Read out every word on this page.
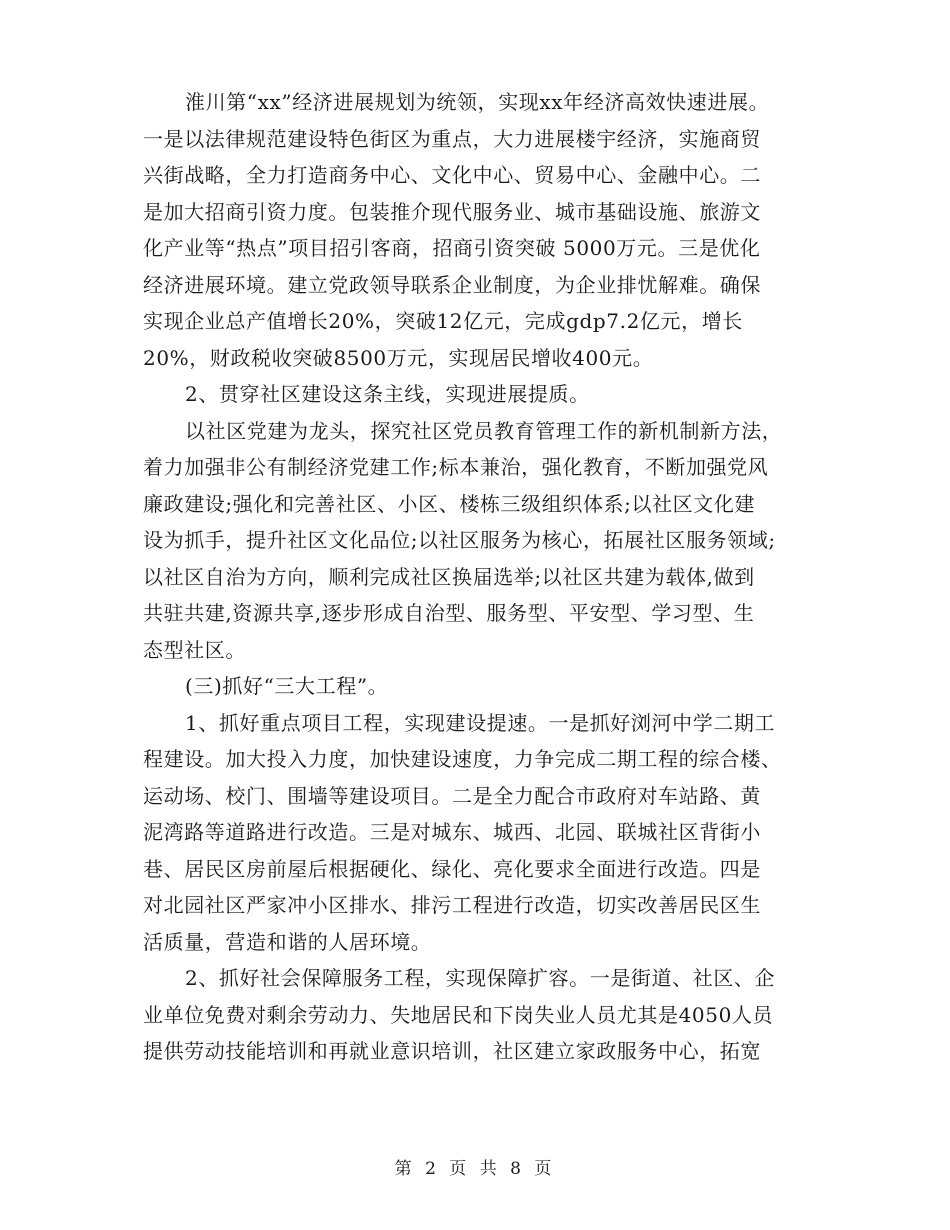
淮川第“xx”经济进展规划为统领，实现xx年经济高效快速进展。
一是以法律规范建设特色街区为重点，大力进展楼宇经济，实施商贸
兴街战略，全力打造商务中心、文化中心、贸易中心、金融中心。二
是加大招商引资力度。包装推介现代服务业、城市基础设施、旅游文
化产业等“热点”项目招引客商，招商引资突破 5000万元。三是优化
经济进展环境。建立党政领导联系企业制度，为企业排忧解难。确保
实现企业总产值增长20%，突破12亿元，完成gdp7.2亿元，增长
20%，财政税收突破8500万元，实现居民增收400元。
2、贯穿社区建设这条主线，实现进展提质。
以社区党建为龙头，探究社区党员教育管理工作的新机制新方法，
着力加强非公有制经济党建工作;标本兼治，强化教育，不断加强党风
廉政建设;强化和完善社区、小区、楼栋三级组织体系;以社区文化建
设为抓手，提升社区文化品位;以社区服务为核心，拓展社区服务领域;
以社区自治为方向，顺利完成社区换届选举;以社区共建为载体,做到
共驻共建,资源共享,逐步形成自治型、服务型、平安型、学习型、生
态型社区。
(三)抓好“三大工程”。
1、抓好重点项目工程，实现建设提速。一是抓好浏河中学二期工
程建设。加大投入力度，加快建设速度，力争完成二期工程的综合楼、
运动场、校门、围墙等建设项目。二是全力配合市政府对车站路、黄
泥湾路等道路进行改造。三是对城东、城西、北园、联城社区背街小
巷、居民区房前屋后根据硬化、绿化、亮化要求全面进行改造。四是
对北园社区严家冲小区排水、排污工程进行改造，切实改善居民区生
活质量，营造和谐的人居环境。
2、抓好社会保障服务工程，实现保障扩容。一是街道、社区、企
业单位免费对剩余劳动力、失地居民和下岗失业人员尤其是4050人员
提供劳动技能培训和再就业意识培训，社区建立家政服务中心，拓宽
第 2 页 共 8 页
